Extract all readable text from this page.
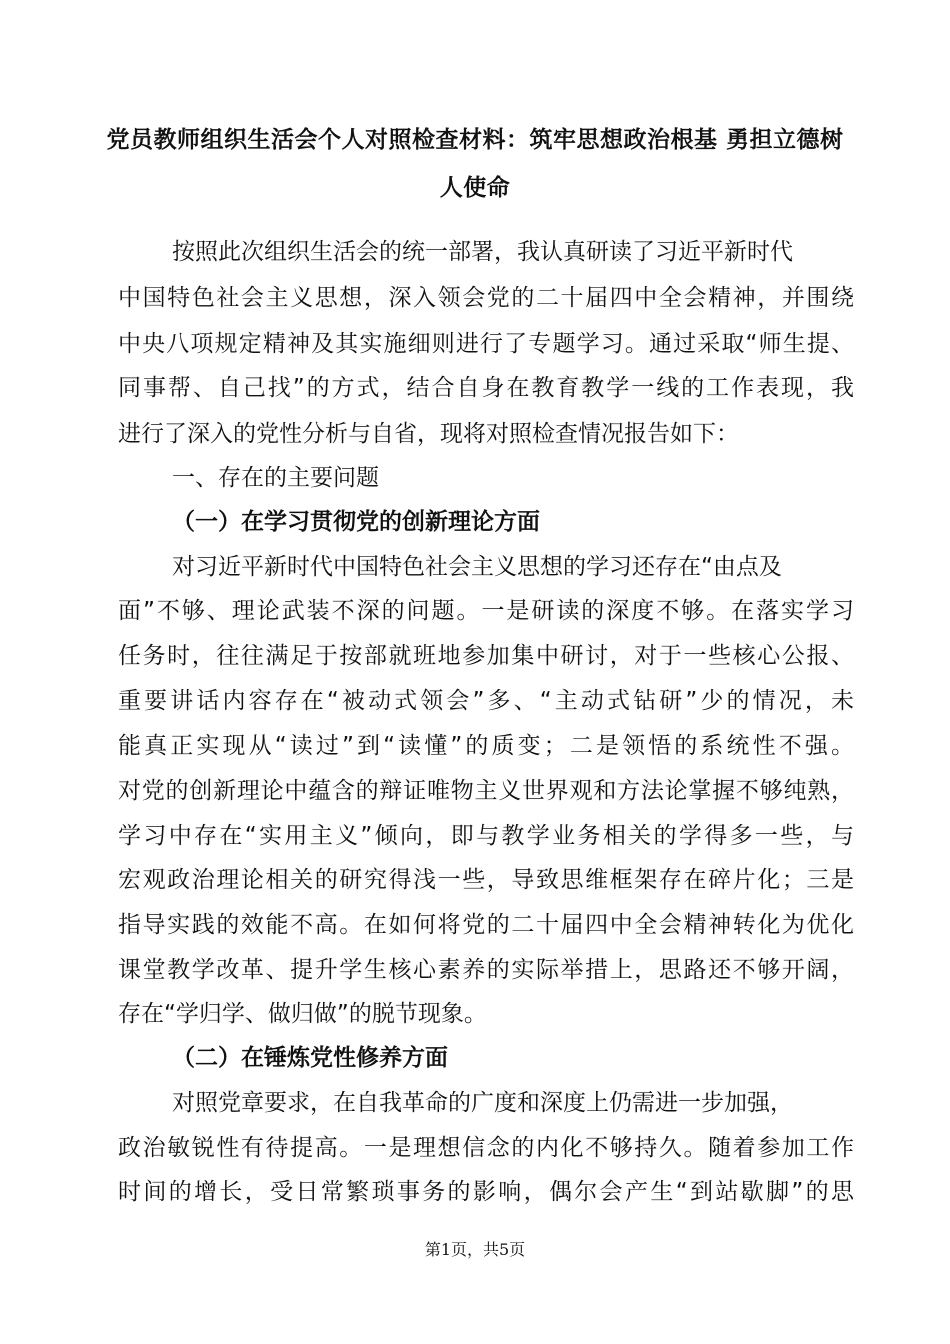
党员教师组织生活会个人对照检查材料：筑牢思想政治根基 勇担立德树人使命

按照此次组织生活会的统一部署，我认真研读了习近平新时代

中国特色社会主义思想，深入领会党的二十届四中全会精神，并围绕

中央八项规定精神及其实施细则进行了专题学习。通过采取“师生提、

同事帮、自己找”的方式，结合自身在教育教学一线的工作表现，我

进行了深入的党性分析与自省，现将对照检查情况报告如下：

一、存在的主要问题

（一）在学习贯彻党的创新理论方面

对习近平新时代中国特色社会主义思想的学习还存在“由点及

面”不够、理论武装不深的问题。一是研读的深度不够。在落实学习

任务时，往往满足于按部就班地参加集中研讨，对于一些核心公报、

重要讲话内容存在“被动式领会”多、“主动式钻研”少的情况，未

能真正实现从“读过”到“读懂”的质变；二是领悟的系统性不强。

对党的创新理论中蕴含的辩证唯物主义世界观和方法论掌握不够纯熟，

学习中存在“实用主义”倾向，即与教学业务相关的学得多一些，与

宏观政治理论相关的研究得浅一些，导致思维框架存在碎片化；三是

指导实践的效能不高。在如何将党的二十届四中全会精神转化为优化

课堂教学改革、提升学生核心素养的实际举措上，思路还不够开阔，

存在“学归学、做归做”的脱节现象。

（二）在锤炼党性修养方面

对照党章要求，在自我革命的广度和深度上仍需进一步加强，

政治敏锐性有待提高。一是理想信念的内化不够持久。随着参加工作

时间的增长，受日常繁琐事务的影响，偶尔会产生“到站歇脚”的思

第1页，共5页
